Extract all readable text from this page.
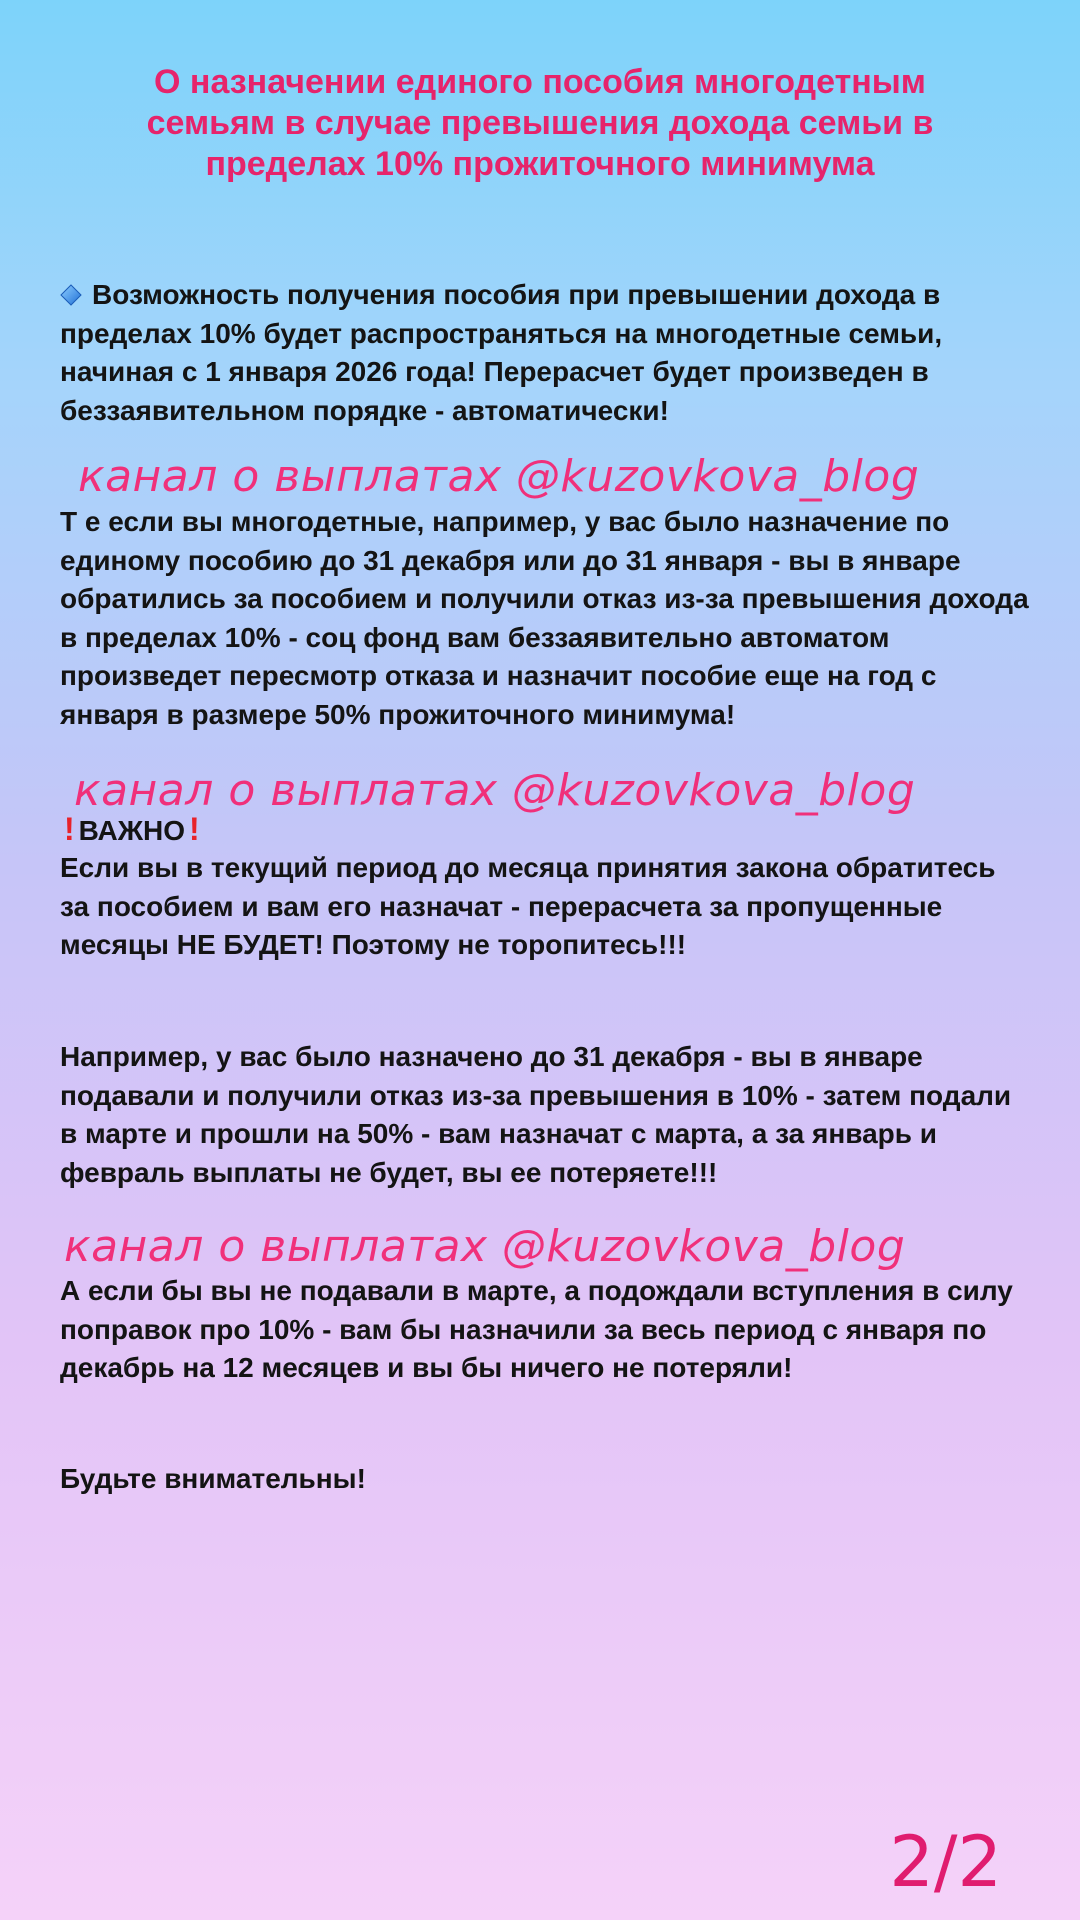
О назначении единого пособия многодетным семьям в случае превышения дохода семьи в пределах 10% прожиточного минимума
Возможность получения пособия при превышении дохода в пределах 10% будет распространяться на многодетные семьи, начиная с 1 января 2026 года! Перерасчет будет произведен в беззаявительном порядке - автоматически!
канал о выплатах @kuzovkova_blog
Т е если вы многодетные, например, у вас было назначение по единому пособию до 31 декабря или до 31 января - вы в январе обратились за пособием и получили отказ из-за превышения дохода в пределах 10% - соц фонд вам беззаявительно автоматом произведет пересмотр отказа и назначит пособие еще на год с января в размере 50% прожиточного минимума!
канал о выплатах @kuzovkova_blog
! ВАЖНО !
Если вы в текущий период до месяца принятия закона обратитесь за пособием и вам его назначат - перерасчета за пропущенные месяцы НЕ БУДЕТ! Поэтому не торопитесь!!!
Например, у вас было назначено до 31 декабря - вы в январе подавали и получили отказ из-за превышения в 10% - затем подали в марте и прошли на 50% - вам назначат с марта, а за январь и февраль выплаты не будет, вы ее потеряете!!!
канал о выплатах @kuzovkova_blog
А если бы вы не подавали в марте, а подождали вступления в силу поправок про 10% - вам бы назначили за весь период с января по декабрь на 12 месяцев и вы бы ничего не потеряли!
Будьте внимательны!
2/2
